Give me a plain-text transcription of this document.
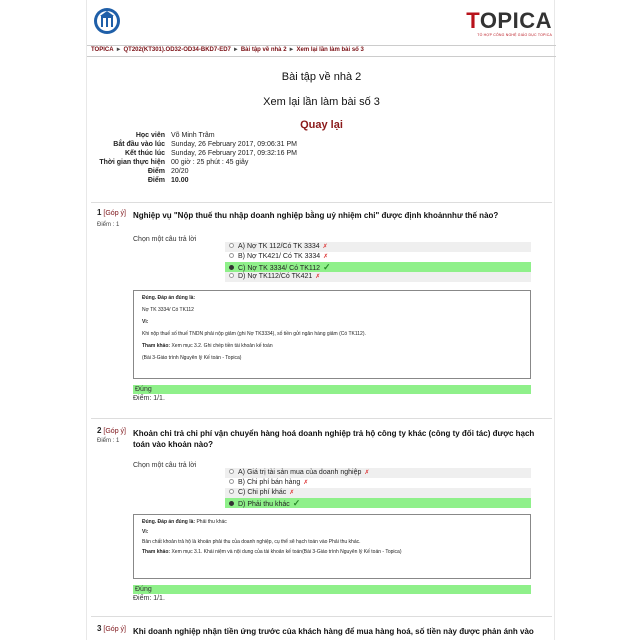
TOPICA
TỔ HỢP CÔNG NGHỆ GIÁO DỤC TOPICA
TOPICA ► QT202(KT301).OD32-OD34-BKD7-ED7 ► Bài tập về nhà 2 ► Xem lại lần làm bài số 3
Bài tập về nhà 2
Xem lại lần làm bài số 3
Quay lại
Học viên Võ Minh Trâm
Bắt đầu vào lúc Sunday, 26 February 2017, 09:06:31 PM
Kết thúc lúc Sunday, 26 February 2017, 09:32:16 PM
Thời gian thực hiện 00 giờ : 25 phút : 45 giây
Điểm 20/20
Điểm 10.00
1 [Góp ý]
Điểm : 1
Nghiệp vụ "Nộp thuế thu nhập doanh nghiệp bằng uỷ nhiệm chi" được định khoảnnhư thế nào?
Chọn một câu trả lời
A) Nợ TK 112/Có TK 3334 ✗
B) Nợ TK421/ Có TK 3334 ✗
C) Nợ TK 3334/ Có TK112 ✓
D) Nợ TK112/Có TK421 ✗

Đúng. Đáp án đúng là:

Nợ TK 3334/ Có TK112

Vì:

Khi nộp thuế số thuế TNDN phải nộp giảm (ghi Nợ TK3334), số tiền gửi ngân hàng giảm (Có TK112).

Tham khảo: Xem mục 3.2. Ghi chép tiền tài khoản kế toán

(Bài 3-Giáo trình Nguyên lý Kế toán - Topica)

Đúng
Điểm: 1/1.
2 [Góp ý]
Điểm : 1
Khoản chi trả chi phí vận chuyển hàng hoá doanh nghiệp trả hộ công ty khác (công ty đối tác) được hạch toán vào khoản nào?
Chọn một câu trả lời
A) Giá trị tài sản mua của doanh nghiệp ✗
B) Chi phí bán hàng ✗
C) Chi phí khác ✗
D) Phải thu khác ✓

Đúng. Đáp án đúng là: Phải thu khác

Vì:

Bản chất khoản trả hộ là khoản phải thu của doanh nghiệp, cụ thể sẽ hạch toán vào Phải thu khác.

Tham khảo: Xem mục 3.1. Khái niệm và nội dung của tài khoản kế toán(Bài 3-Giáo trình Nguyên lý Kế toán - Topica)

Đúng
Điểm: 1/1.
3 [Góp ý] Khi doanh nghiệp nhận tiền ứng trước của khách hàng để mua hàng hoá, số tiền này được phản ánh vào
